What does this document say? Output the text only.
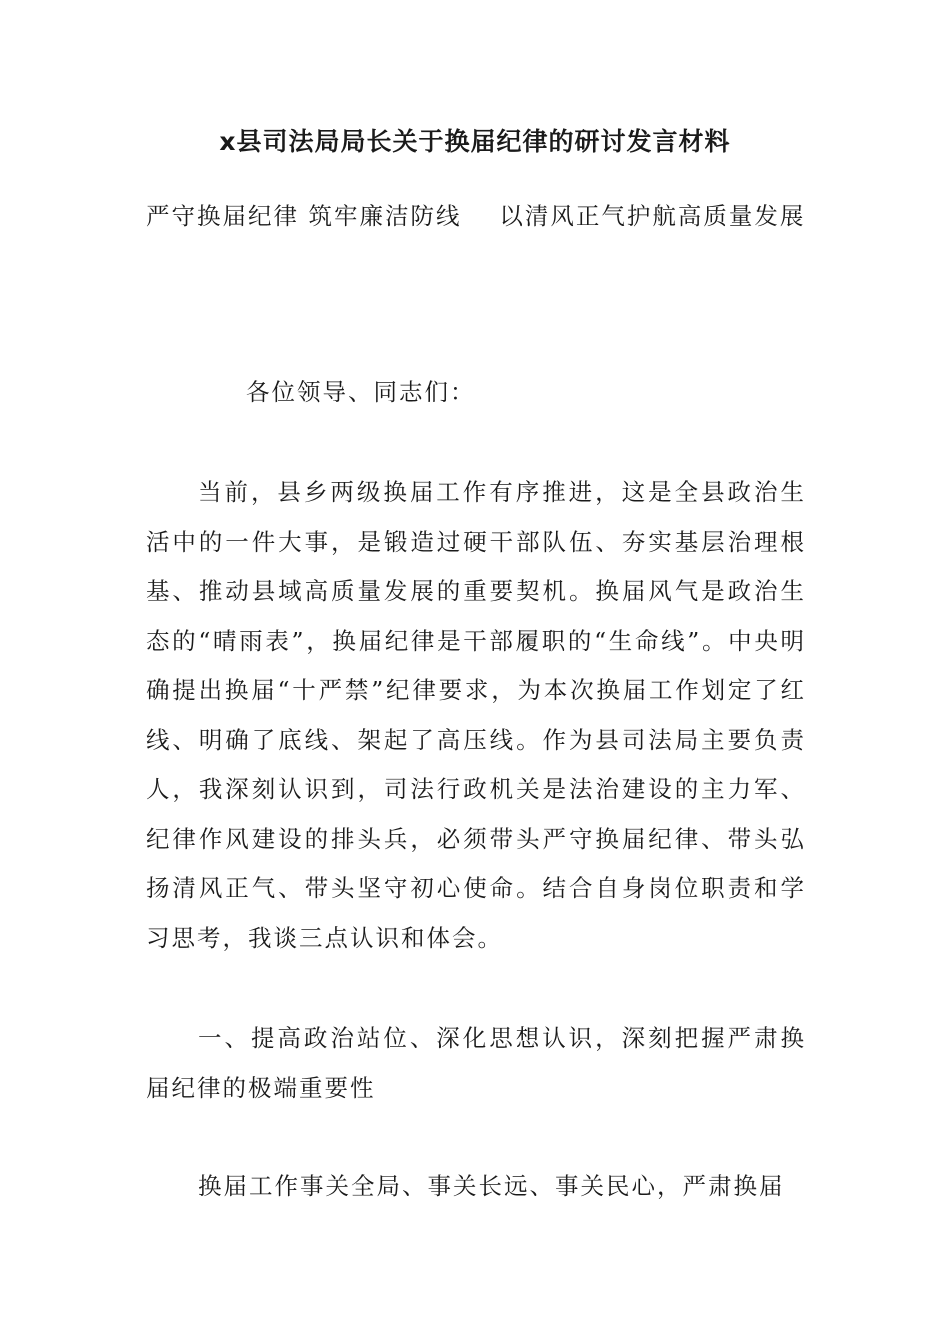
x县司法局局长关于换届纪律的研讨发言材料

严守换届纪律 筑牢廉洁防线    以清风正气护航高质量发展

各位领导、同志们：

当前，县乡两级换届工作有序推进，这是全县政治生活中的一件大事，是锻造过硬干部队伍、夯实基层治理根基、推动县域高质量发展的重要契机。换届风气是政治生态的“晴雨表”，换届纪律是干部履职的“生命线”。中央明确提出换届“十严禁”纪律要求，为本次换届工作划定了红线、明确了底线、架起了高压线。作为县司法局主要负责人，我深刻认识到，司法行政机关是法治建设的主力军、纪律作风建设的排头兵，必须带头严守换届纪律、带头弘扬清风正气、带头坚守初心使命。结合自身岗位职责和学习思考，我谈三点认识和体会。

一、提高政治站位、深化思想认识，深刻把握严肃换届纪律的极端重要性

换届工作事关全局、事关长远、事关民心，严肃换届
